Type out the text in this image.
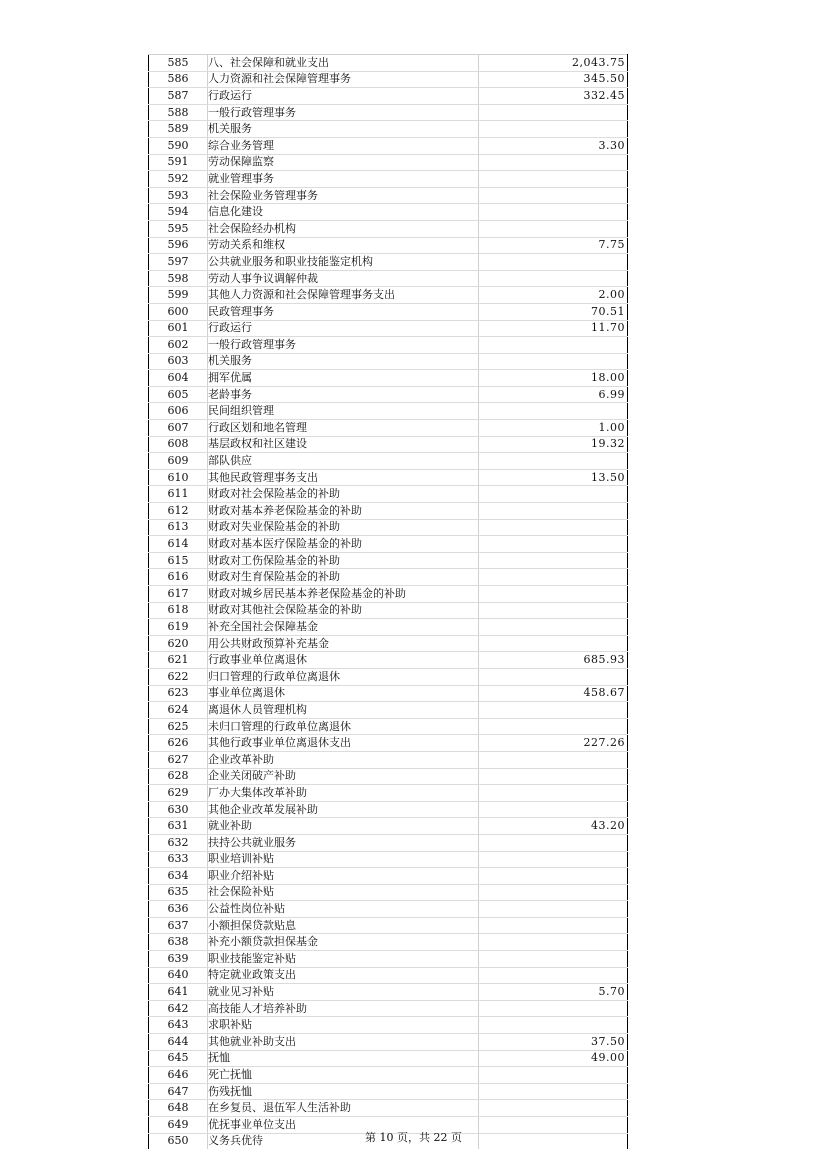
585	八、社会保障和就业支出	2,043.75
586	人力资源和社会保障管理事务	345.50
587	行政运行	332.45
588	一般行政管理事务	
589	机关服务	
590	综合业务管理	3.30
591	劳动保障监察	
592	就业管理事务	
593	社会保险业务管理事务	
594	信息化建设	
595	社会保险经办机构	
596	劳动关系和维权	7.75
597	公共就业服务和职业技能鉴定机构	
598	劳动人事争议调解仲裁	
599	其他人力资源和社会保障管理事务支出	2.00
600	民政管理事务	70.51
601	行政运行	11.70
602	一般行政管理事务	
603	机关服务	
604	拥军优属	18.00
605	老龄事务	6.99
606	民间组织管理	
607	行政区划和地名管理	1.00
608	基层政权和社区建设	19.32
609	部队供应	
610	其他民政管理事务支出	13.50
611	财政对社会保险基金的补助	
612	财政对基本养老保险基金的补助	
613	财政对失业保险基金的补助	
614	财政对基本医疗保险基金的补助	
615	财政对工伤保险基金的补助	
616	财政对生育保险基金的补助	
617	财政对城乡居民基本养老保险基金的补助	
618	财政对其他社会保险基金的补助	
619	补充全国社会保障基金	
620	用公共财政预算补充基金	
621	行政事业单位离退休	685.93
622	归口管理的行政单位离退休	
623	事业单位离退休	458.67
624	离退休人员管理机构	
625	未归口管理的行政单位离退休	
626	其他行政事业单位离退休支出	227.26
627	企业改革补助	
628	企业关闭破产补助	
629	厂办大集体改革补助	
630	其他企业改革发展补助	
631	就业补助	43.20
632	扶持公共就业服务	
633	职业培训补贴	
634	职业介绍补贴	
635	社会保险补贴	
636	公益性岗位补贴	
637	小额担保贷款贴息	
638	补充小额贷款担保基金	
639	职业技能鉴定补贴	
640	特定就业政策支出	
641	就业见习补贴	5.70
642	高技能人才培养补助	
643	求职补贴	
644	其他就业补助支出	37.50
645	抚恤	49.00
646	死亡抚恤	
647	伤残抚恤	
648	在乡复员、退伍军人生活补助	
649	优抚事业单位支出	
650	义务兵优待		第 10 页，共 22 页
